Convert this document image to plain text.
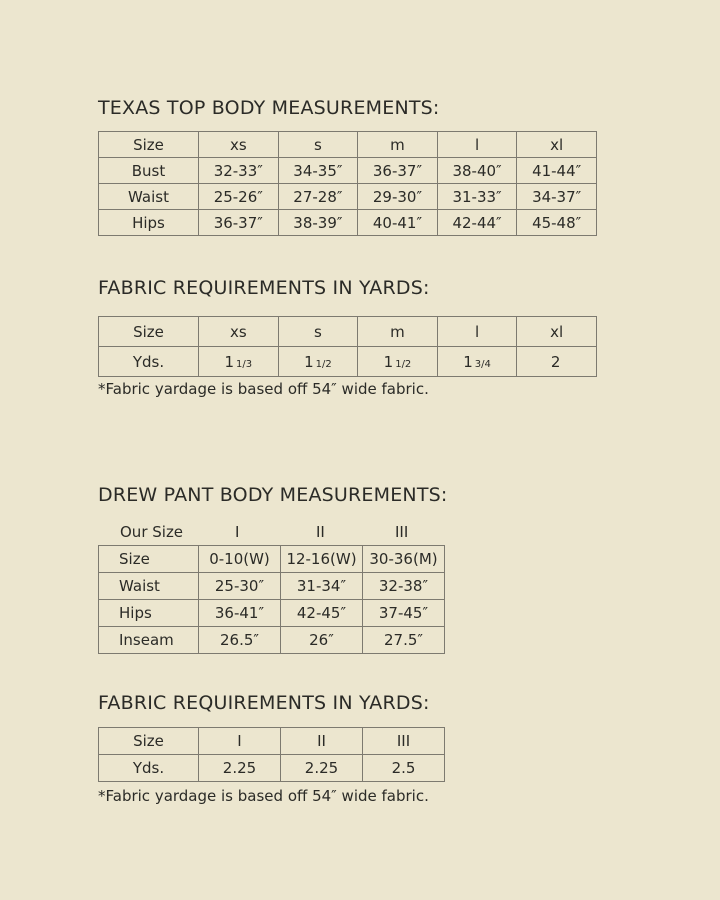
TEXAS TOP BODY MEASUREMENTS:
Size	xs	s	m	l	xl
Bust	32-33″	34-35″	36-37″	38-40″	41-44″
Waist	25-26″	27-28″	29-30″	31-33″	34-37″
Hips	36-37″	38-39″	40-41″	42-44″	45-48″
FABRIC REQUIREMENTS IN YARDS:
Size	xs	s	m	l	xl
Yds.	1 1/3	1 1/2	1 1/2	1 3/4	2

*Fabric yardage is based off 54″ wide fabric.

DREW PANT BODY MEASUREMENTS:
Our Size	I	II	III
Size	0-10(W)	12-16(W)	30-36(M)
Waist	25-30″	31-34″	32-38″
Hips	36-41″	42-45″	37-45″
Inseam	26.5″	26″	27.5″
FABRIC REQUIREMENTS IN YARDS:
Size	I	II	III
Yds.	2.25	2.25	2.5

*Fabric yardage is based off 54″ wide fabric.
